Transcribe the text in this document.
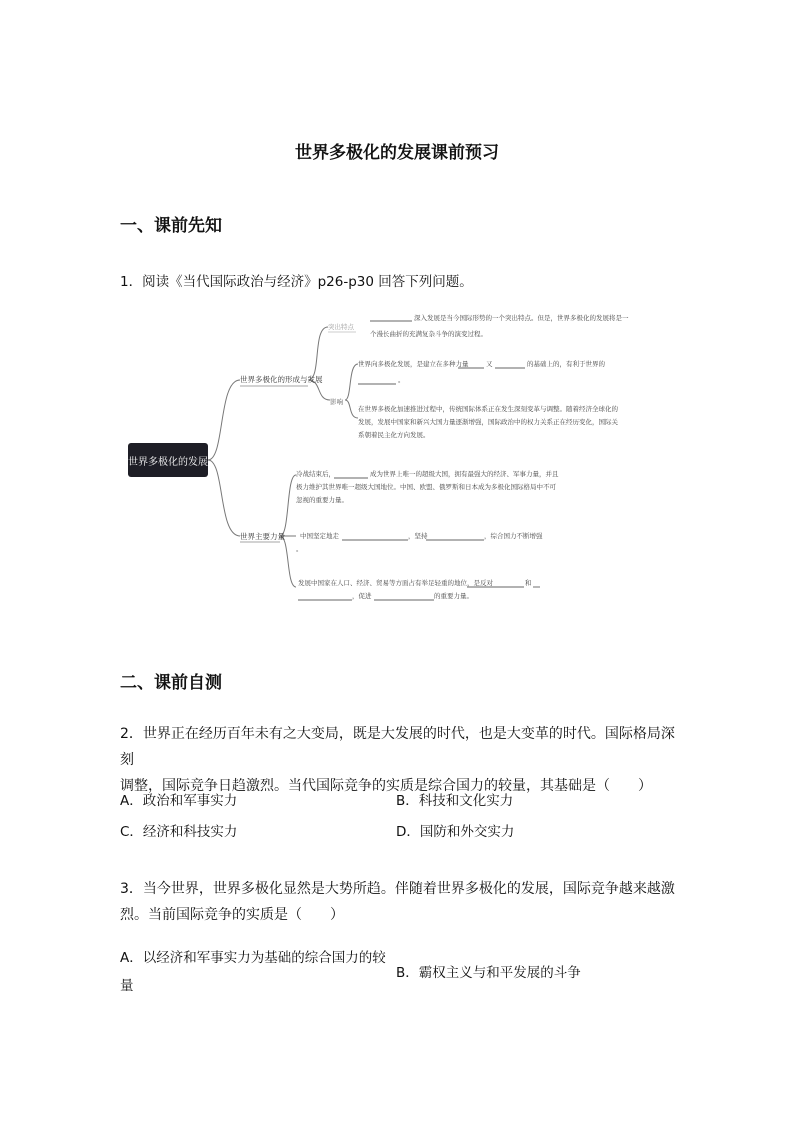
世界多极化的发展课前预习
一、课前先知
1．阅读《当代国际政治与经济》p26-p30 回答下列问题。
世界多极化的发展
世界多极化的形成与发展
世界主要力量
突出特点
影响
深入发展是当今国际形势的一个突出特点。但是，世界多极化的发展将是一
个漫长曲折的充满复杂斗争的演变过程。
世界向多极化发展，是建立在多种力量	又	的基础上的，有利于世界的
。
在世界多极化加速推进过程中，传统国际体系正在发生深刻变革与调整。随着经济全球化的
发展，发展中国家和新兴大国力量逐渐增强，国际政治中的权力关系正在经历变化，国际关
系朝着民主化方向发展。
冷战结束后，	成为世界上唯一的超级大国，拥有最强大的经济、军事力量，并且
极力维护其世界唯一超级大国地位。中国、欧盟、俄罗斯和日本成为多极化国际格局中不可
忽视的重要力量。
中国坚定地走	，坚持	，综合国力不断增强
。
发展中国家在人口、经济、贸易等方面占有举足轻重的地位，是反对	和
，促进	的重要力量。
二、课前自测
2．世界正在经历百年未有之大变局，既是大发展的时代，也是大变革的时代。国际格局深刻
调整，国际竞争日趋激烈。当代国际竞争的实质是综合国力的较量，其基础是（　　）
A．政治和军事实力	B．科技和文化实力
C．经济和科技实力	D．国防和外交实力
3．当今世界，世界多极化显然是大势所趋。伴随着世界多极化的发展，国际竞争越来越激
烈。当前国际竞争的实质是（　　）
A．以经济和军事实力为基础的综合国力的较
量
B．霸权主义与和平发展的斗争
